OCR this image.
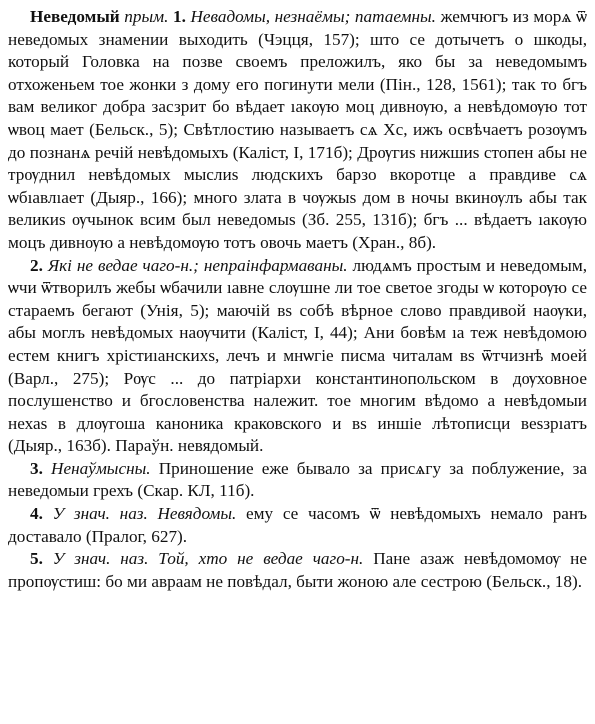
Неведомый прым. 1. Невадомы, незнаёмы; патаемны. жемчюгъ из морѧ ѿ неведомых знамении выходить (Чэцця, 157); што се дотычетъ о шкоды, который Головка на позве своемъ преложилъ, яко бы за неведомымъ отхоженьем тое жонки з дому его погинути мели (Пін., 128, 1561); так то бгъ вам великог добра засзрит бо вѣдает ıакѹю моц дивнѹю, а невѣдомѹю тот ѡвоц мает (Бельск., 5); Свѣтлостию называетъ сѧ Хс, ижъ освѣчаетъ розѹмъ до познанѧ речій невѣдомыхъ (Каліст, І, 171б); Дрѹгиs нижшиs стопен абы не трѹднил невѣдомых мыслиs людскихъ барзо вкоротце а правдиве сѧ ѡбıавлıает (Дыяр., 166); много злата в чѹжыs дом в ночы вкинѹлъ абы так великиs ѹчынок всим был неведомыs (Зб. 255, 131б); бгъ ... вѣдаетъ ıакѹю моцъ дивнѹю а невѣдомѹю тотъ овочь маетъ (Хран., 8б).

2. Які не ведае чаго-н.; непраінфармаваны. людѧмъ простым и неведомым, ѡчи ѿтворилъ жебы ѡбачили ıавне слѹшне ли тое светое згоды ѡ которѹю се стараемъ бегают (Унія, 5); маючій вs собѣ вѣрное слово правдивой наѹки, абы моглъ невѣдомых наѹчити (Каліст, І, 44); Ани бовѣм ıа теж невѣдомою естем книгъ хрістиıанскихs, лечъ и мнѡгіе писма читалам вs ѿтчизнѣ моей (Варл., 275); Рѹс ... до патріархи константинопольском в дѹховное послушенство и бгословенства належит. тое многим вѣдомо а невѣдомыи нехаs в длѹгоша каноника краковского и вs иншіе лѣтописци веsзрıатъ (Дыяр., 163б). Параўн. невядомый.

3. Ненаўмысны. Приношение еже бывало за присѧгу за поблужение, за неведомыи грехъ (Скар. КЛ, 11б).

4. У знач. наз. Невядомы. ему се часомъ ѿ невѣдомыхъ немало ранъ доставало (Пралог, 627).

5. У знач. наз. Той, хто не ведае чаго-н. Пане азаж невѣдомомѹ не пропѹстиш: бо ми авраам не повѣдал, быти жоною але сестрою (Бельск., 18).
